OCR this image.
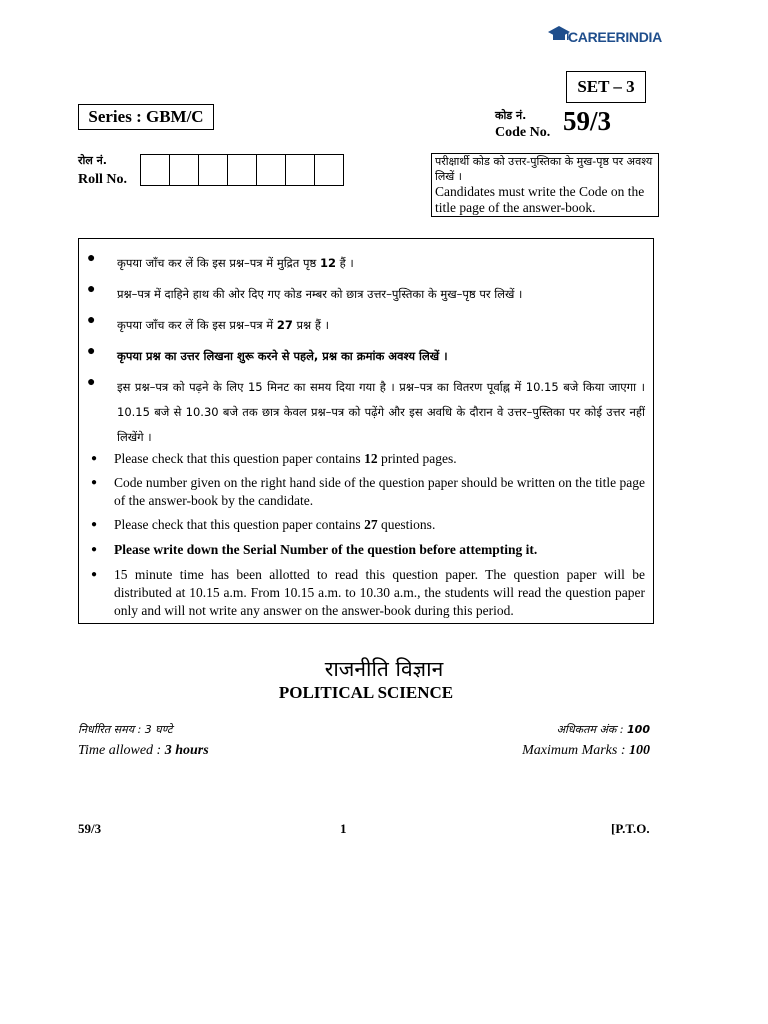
CAREERINDIA
SET – 3
Series : GBM/C	कोड नं.
Code No. 59/3
रोल नं.
Roll No.
परीक्षार्थी कोड को उत्तर-पुस्तिका के मुख-पृष्ठ पर अवश्य लिखें ।
Candidates must write the Code on the title page of the answer-book.
● कृपया जाँच कर लें कि इस प्रश्न–पत्र में मुद्रित पृष्ठ 12 हैं ।
● प्रश्न–पत्र में दाहिने हाथ की ओर दिए गए कोड नम्बर को छात्र उत्तर–पुस्तिका के मुख–पृष्ठ पर लिखें ।
● कृपया जाँच कर लें कि इस प्रश्न–पत्र में 27 प्रश्न हैं ।
● कृपया प्रश्न का उत्तर लिखना शुरू करने से पहले, प्रश्न का क्रमांक अवश्य लिखें ।
● इस प्रश्न–पत्र को पढ़ने के लिए 15 मिनट का समय दिया गया है । प्रश्न–पत्र का वितरण पूर्वाह्न में 10.15 बजे किया जाएगा । 10.15 बजे से 10.30 बजे तक छात्र केवल प्रश्न–पत्र को पढ़ेंगे और इस अवधि के दौरान वे उत्तर–पुस्तिका पर कोई उत्तर नहीं लिखेंगे ।
● Please check that this question paper contains 12 printed pages.
● Code number given on the right hand side of the question paper should be written on the title page of the answer-book by the candidate.
● Please check that this question paper contains 27 questions.
● Please write down the Serial Number of the question before attempting it.
● 15 minute time has been allotted to read this question paper. The question paper will be distributed at 10.15 a.m. From 10.15 a.m. to 10.30 a.m., the students will read the question paper only and will not write any answer on the answer-book during this period.
राजनीति विज्ञान
POLITICAL SCIENCE
निर्धारित समय : 3 घण्टे
Time allowed : 3 hours
अधिकतम अंक : 100
Maximum Marks : 100
59/3	1	[P.T.O.
